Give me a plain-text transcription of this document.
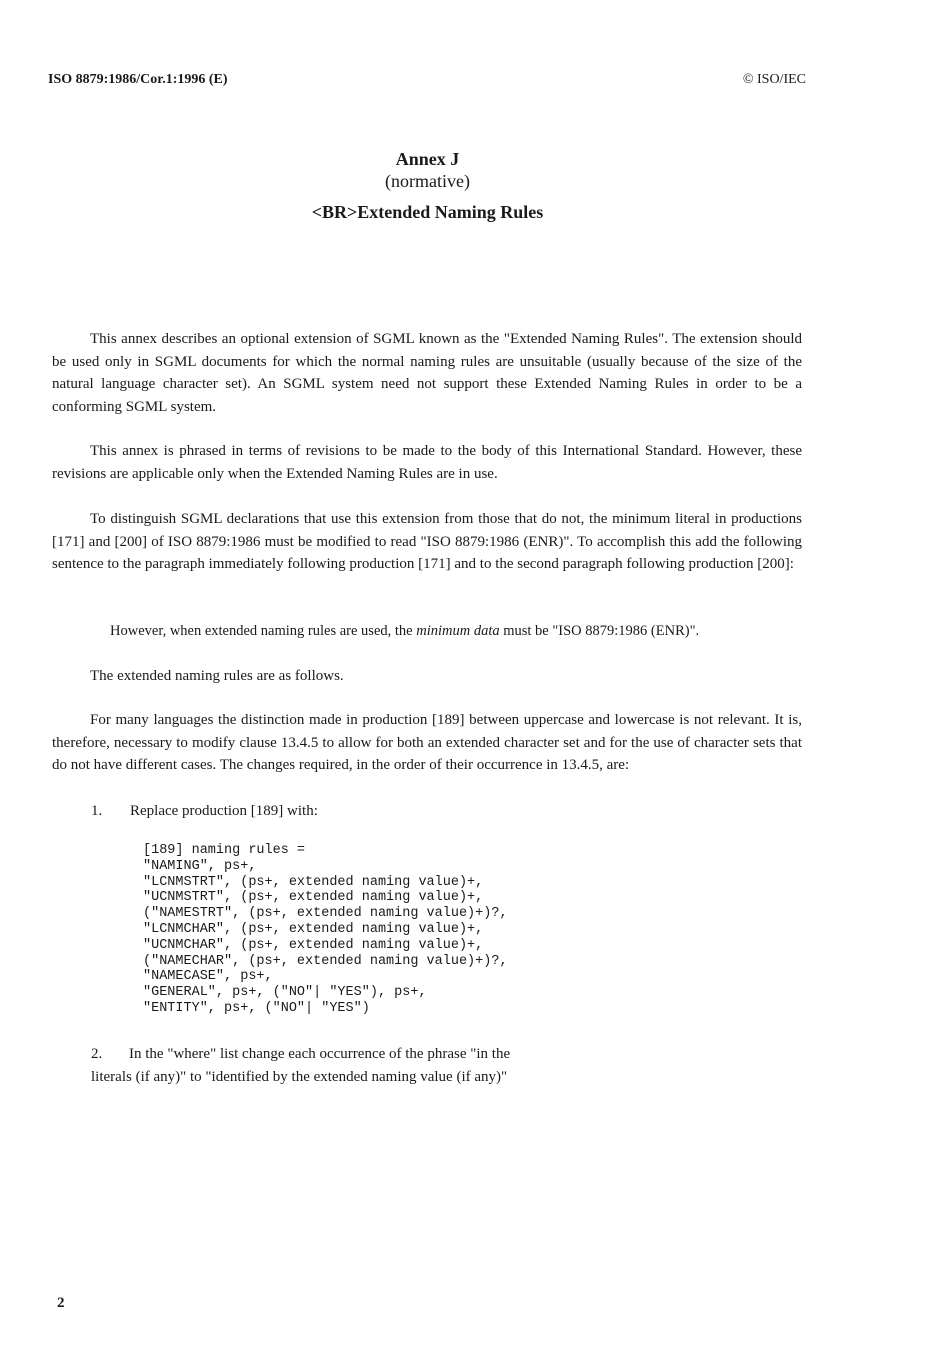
ISO 8879:1986/Cor.1:1996 (E)	© ISO/IEC
Annex J
(normative)
<BR>Extended Naming Rules

This annex describes an optional extension of SGML known as the "Extended Naming Rules". The extension should be used only in SGML documents for which the normal naming rules are unsuitable (usually because of the size of the natural language character set). An SGML system need not support these Extended Naming Rules in order to be a conforming SGML system.

This annex is phrased in terms of revisions to be made to the body of this International Standard. However, these revisions are applicable only when the Extended Naming Rules are in use.

To distinguish SGML declarations that use this extension from those that do not, the minimum literal in productions [171] and [200] of ISO 8879:1986 must be modified to read "ISO 8879:1986 (ENR)". To accomplish this add the following sentence to the paragraph immediately following production [171] and to the second paragraph following production [200]:

However, when extended naming rules are used, the minimum data must be "ISO 8879:1986 (ENR)".

The extended naming rules are as follows.

For many languages the distinction made in production [189] between uppercase and lowercase is not relevant. It is, therefore, necessary to modify clause 13.4.5 to allow for both an extended character set and for the use of character sets that do not have different cases. The changes required, in the order of their occurrence in 13.4.5, are:

1. Replace production [189] with:
[189] naming rules =
"NAMING", ps+,
"LCNMSTRT", (ps+, extended naming value)+,
"UCNMSTRT", (ps+, extended naming value)+,
("NAMESTRT", (ps+, extended naming value)+)?,
"LCNMCHAR", (ps+, extended naming value)+,
"UCNMCHAR", (ps+, extended naming value)+,
("NAMECHAR", (ps+, extended naming value)+)?,
"NAMECASE", ps+,
"GENERAL", ps+, ("NO"| "YES"), ps+,
"ENTITY", ps+, ("NO"| "YES")
2.	In the "where" list change each occurrence of the phrase "in the literals (if any)" to "identified by the extended naming value (if any)"
2
